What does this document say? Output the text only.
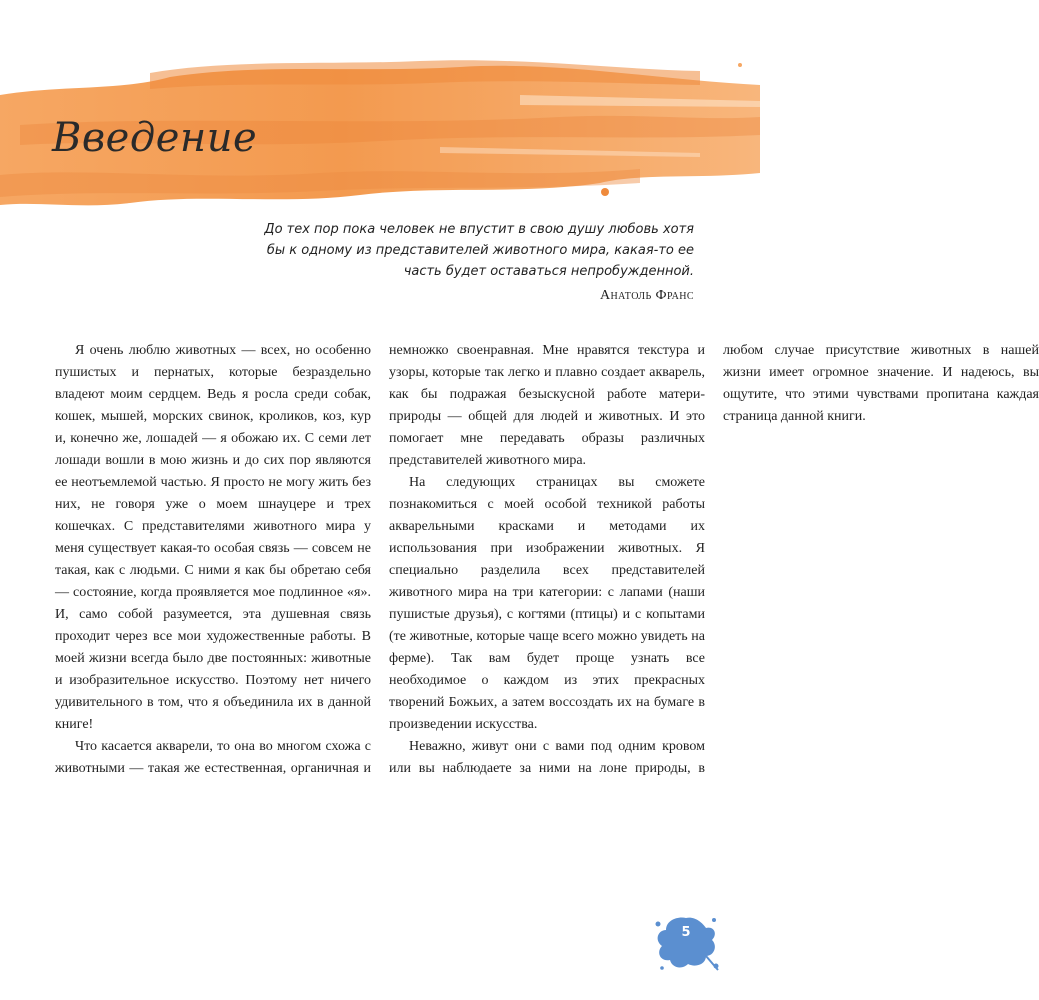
Введение

До тех пор пока человек не впустит в свою душу любовь хотя бы к одному из представителей животного мира, какая-то ее часть будет оставаться непробужденной.

Анатоль Франс

Я очень люблю животных — всех, но особенно пушистых и пернатых, которые безраздельно владеют моим сердцем. Ведь я росла среди собак, кошек, мышей, морских свинок, кроликов, коз, кур и, конечно же, лошадей — я обожаю их. С семи лет лошади вошли в мою жизнь и до сих пор являются ее неотъемлемой частью. Я просто не могу жить без них, не говоря уже о моем шнауцере и трех кошечках. С представителями животного мира у меня существует какая-то особая связь — совсем не такая, как с людьми. С ними я как бы обретаю себя — состояние, когда проявляется мое подлинное «я». И, само собой разумеется, эта душевная связь проходит через все мои художественные работы. В моей жизни всегда было две постоянных: животные и изобразительное искусство. Поэтому нет ничего удивительного в том, что я объединила их в данной книге!

Что касается акварели, то она во многом схожа с животными — такая же естественная, органичная и немножко своенравная. Мне нравятся текстура и узоры, которые так легко и плавно создает акварель, как бы подражая безыскусной работе матери-природы — общей для людей и животных. И это помогает мне передавать образы различных представителей животного мира.

На следующих страницах вы сможете познакомиться с моей особой техникой работы акварельными красками и методами их использования при изображении животных. Я специально разделила всех представителей животного мира на три категории: с лапами (наши пушистые друзья), с когтями (птицы) и с копытами (те животные, которые чаще всего можно увидеть на ферме). Так вам будет проще узнать все необходимое о каждом из этих прекрасных творений Божьих, а затем воссоздать их на бумаге в произведении искусства.

Неважно, живут они с вами под одним кровом или вы наблюдаете за ними на лоне природы, в любом случае присутствие животных в нашей жизни имеет огромное значение. И надеюсь, вы ощутите, что этими чувствами пропитана каждая страница данной книги.

5
